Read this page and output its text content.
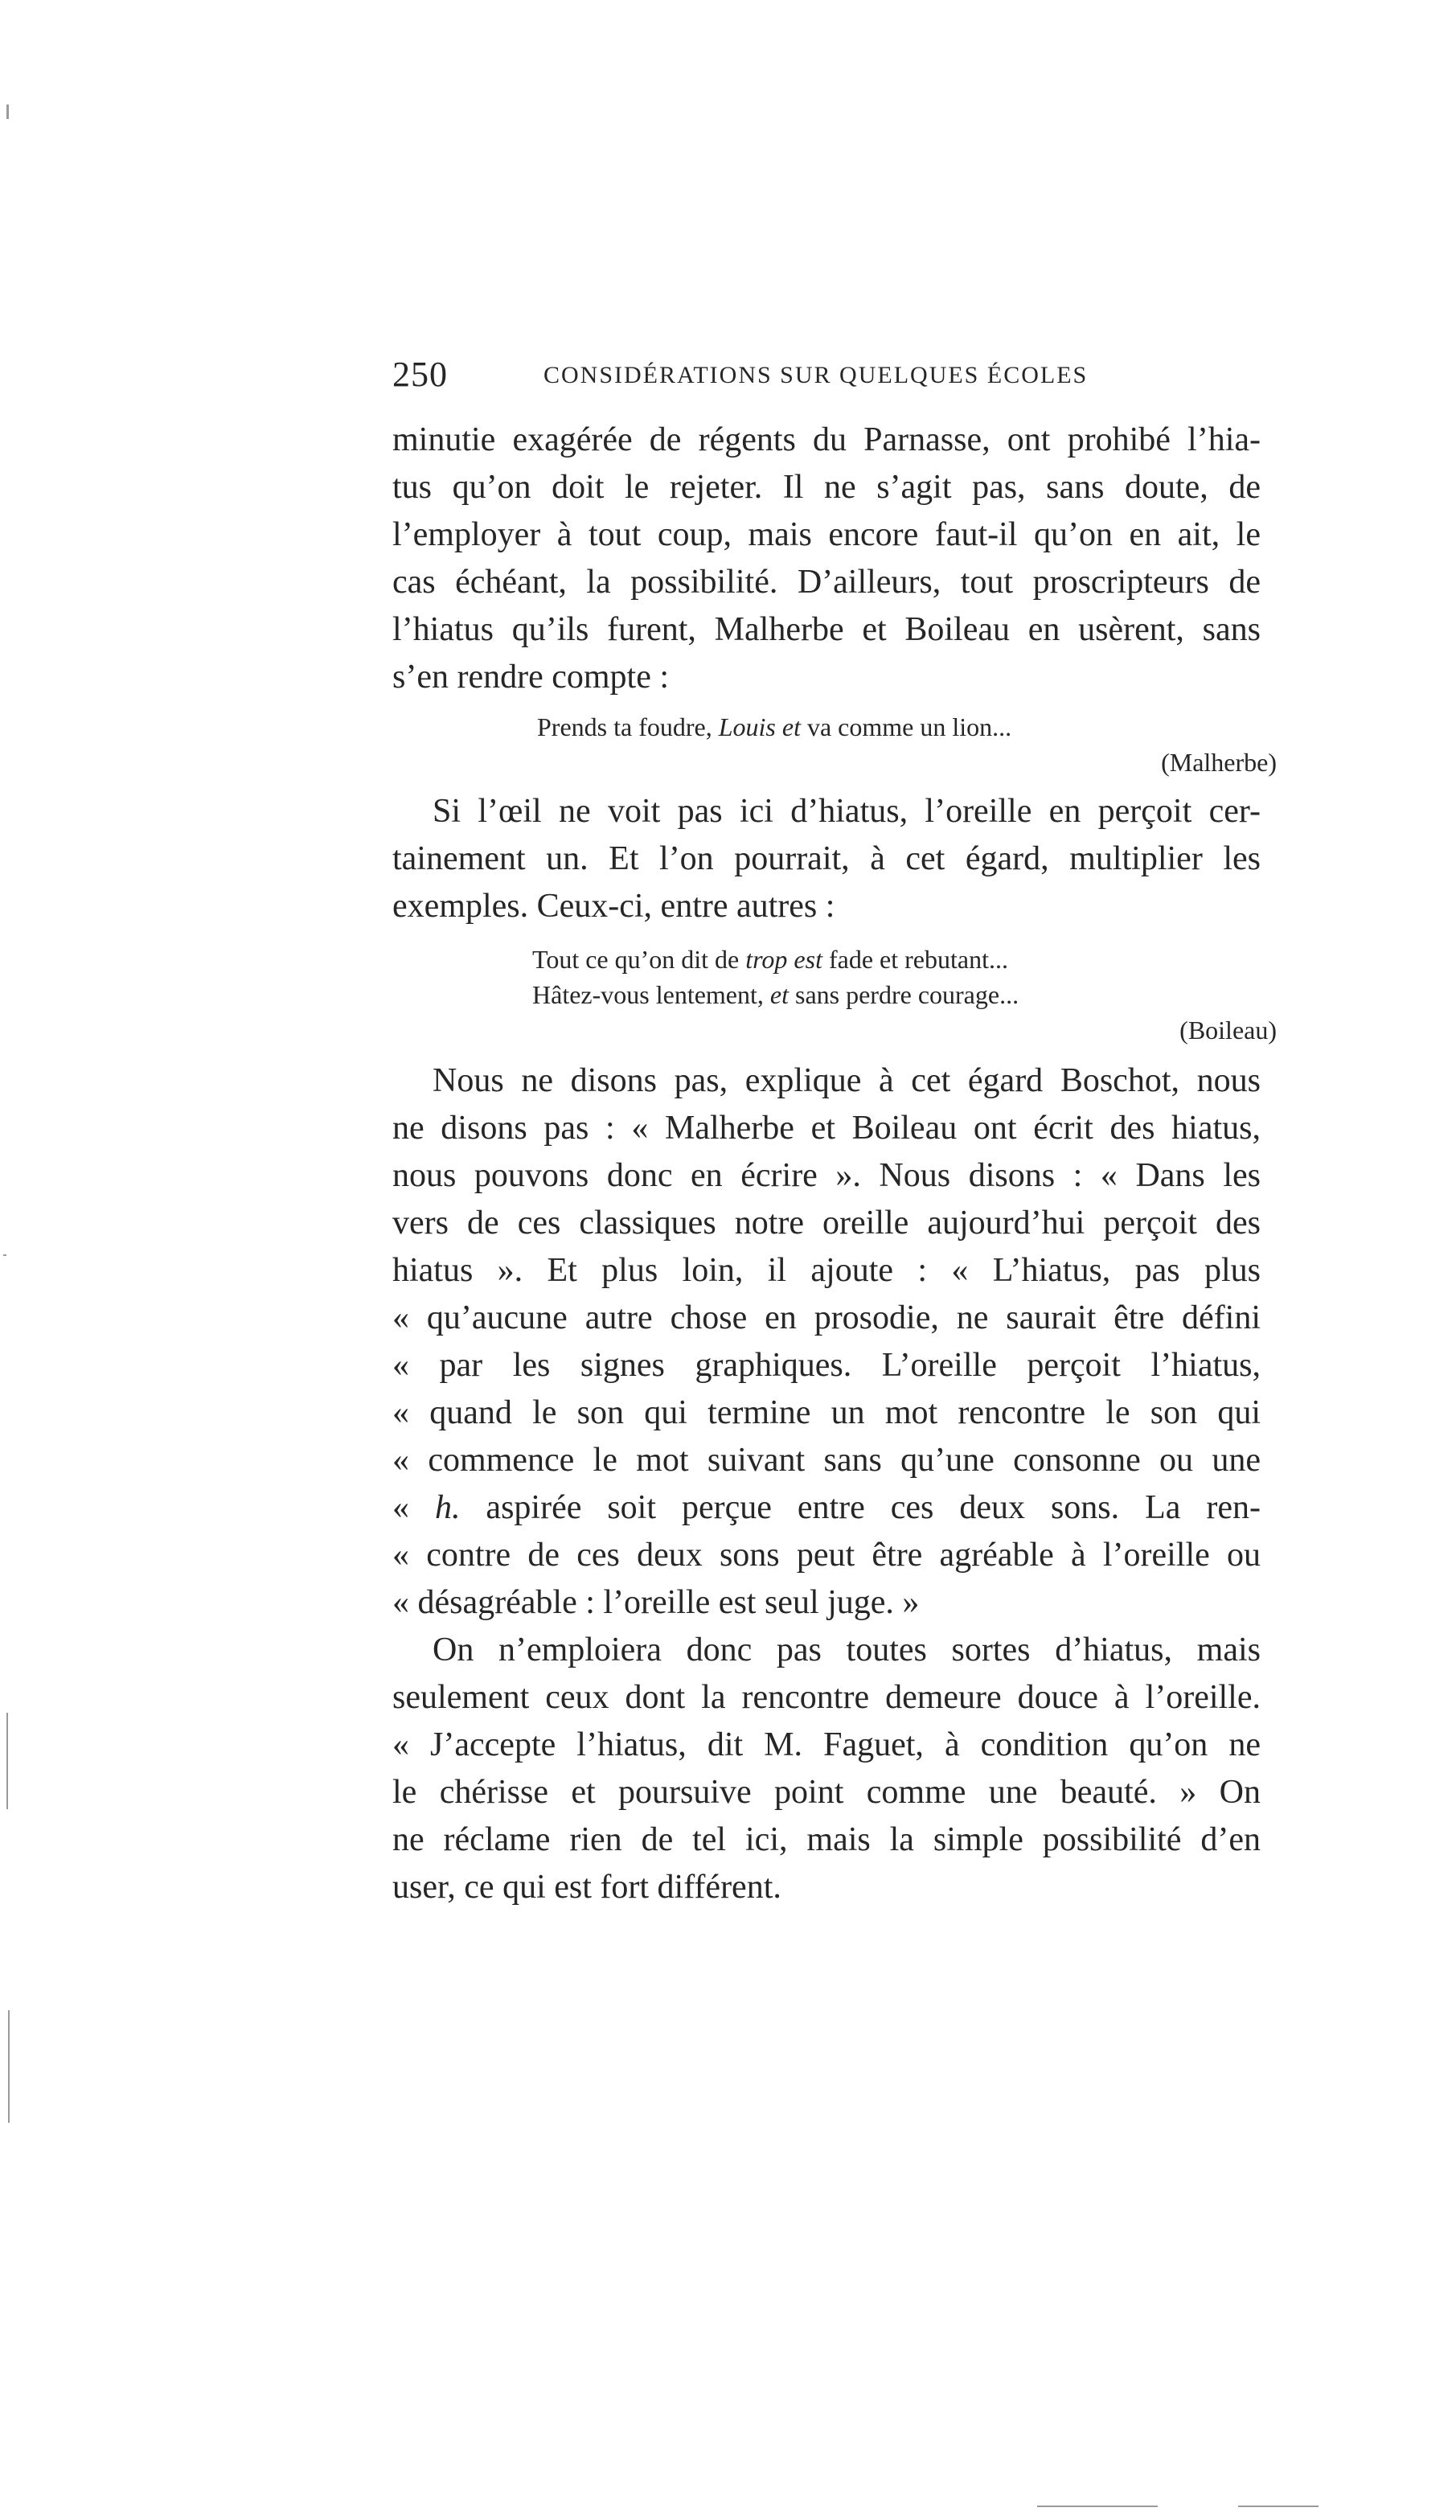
250	CONSIDÉRATIONS SUR QUELQUES ÉCOLES

minutie exagérée de régents du Parnasse, ont prohibé l’hia-
tus qu’on doit le rejeter. Il ne s’agit pas, sans doute, de
l’employer à tout coup, mais encore faut-il qu’on en ait, le
cas échéant, la possibilité. D’ailleurs, tout proscripteurs de
l’hiatus qu’ils furent, Malherbe et Boileau en usèrent, sans
s’en rendre compte :

Prends ta foudre, Louis et va comme un lion...
(Malherbe)

Si l’œil ne voit pas ici d’hiatus, l’oreille en perçoit cer-
tainement un. Et l’on pourrait, à cet égard, multiplier les
exemples. Ceux-ci, entre autres :

Tout ce qu’on dit de trop est fade et rebutant...
Hâtez-vous lentement, et sans perdre courage...
(Boileau)

Nous ne disons pas, explique à cet égard Boschot, nous
ne disons pas : « Malherbe et Boileau ont écrit des hiatus,
nous pouvons donc en écrire ». Nous disons : « Dans les
vers de ces classiques notre oreille aujourd’hui perçoit des
hiatus ». Et plus loin, il ajoute : « L’hiatus, pas plus
« qu’aucune autre chose en prosodie, ne saurait être défini
« par les signes graphiques. L’oreille perçoit l’hiatus,
« quand le son qui termine un mot rencontre le son qui
« commence le mot suivant sans qu’une consonne ou une
« h. aspirée soit perçue entre ces deux sons. La ren-
« contre de ces deux sons peut être agréable à l’oreille ou
« désagréable : l’oreille est seul juge. »

On n’emploiera donc pas toutes sortes d’hiatus, mais
seulement ceux dont la rencontre demeure douce à l’oreille.
« J’accepte l’hiatus, dit M. Faguet, à condition qu’on ne
le chérisse et poursuive point comme une beauté. » On
ne réclame rien de tel ici, mais la simple possibilité d’en
user, ce qui est fort différent.
